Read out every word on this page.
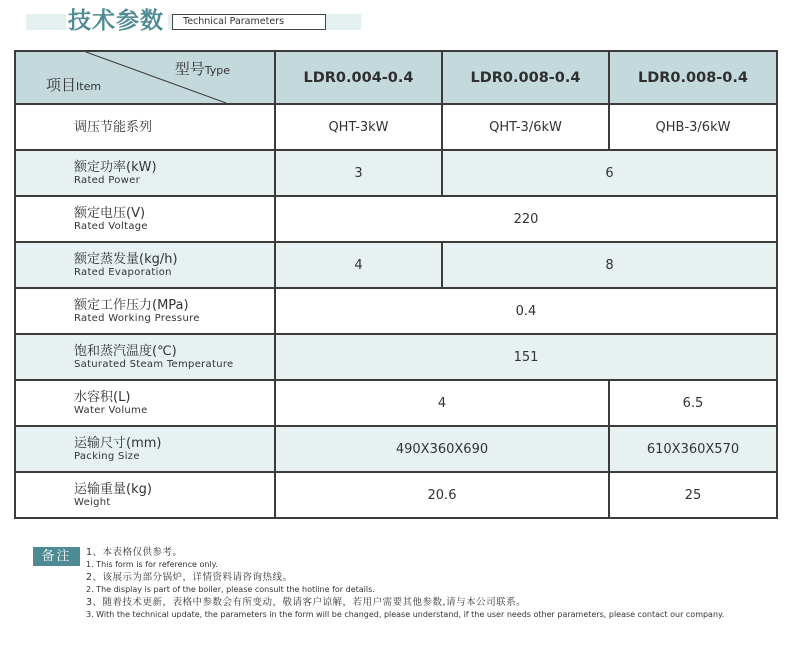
技术参数	Technical Parameters
型号Type
项目Item	LDR0.004-0.4	LDR0.008-0.4	LDR0.008-0.4

调压节能系列	QHT-3kW	QHT-3/6kW	QHB-3/6kW

额定功率(kW)
Rated Power	3	6	

额定电压(V)
Rated Voltage	220		

额定蒸发量(kg/h)
Rated Evaporation	4	8	

额定工作压力(MPa)
Rated Working Pressure	0.4		

饱和蒸汽温度(℃)
Saturated Steam Temperature	151		

水容积(L)
Water Volume	4		6.5

运输尺寸(mm)
Packing Size	490X360X690		610X360X570

运输重量(kg)
Weight	20.6		25
备注	1、本表格仅供参考。
1. This form is for reference only.
2、该展示为部分锅炉，详情资料请咨询热线。
2. The display is part of the boiler, please consult the hotline for details.
3、随着技术更新，表格中参数会有所变动，敬请客户谅解，若用户需要其他参数,请与本公司联系。
3. With the technical update, the parameters in the form will be changed, please understand, if the user needs other parameters, please contact our company.
